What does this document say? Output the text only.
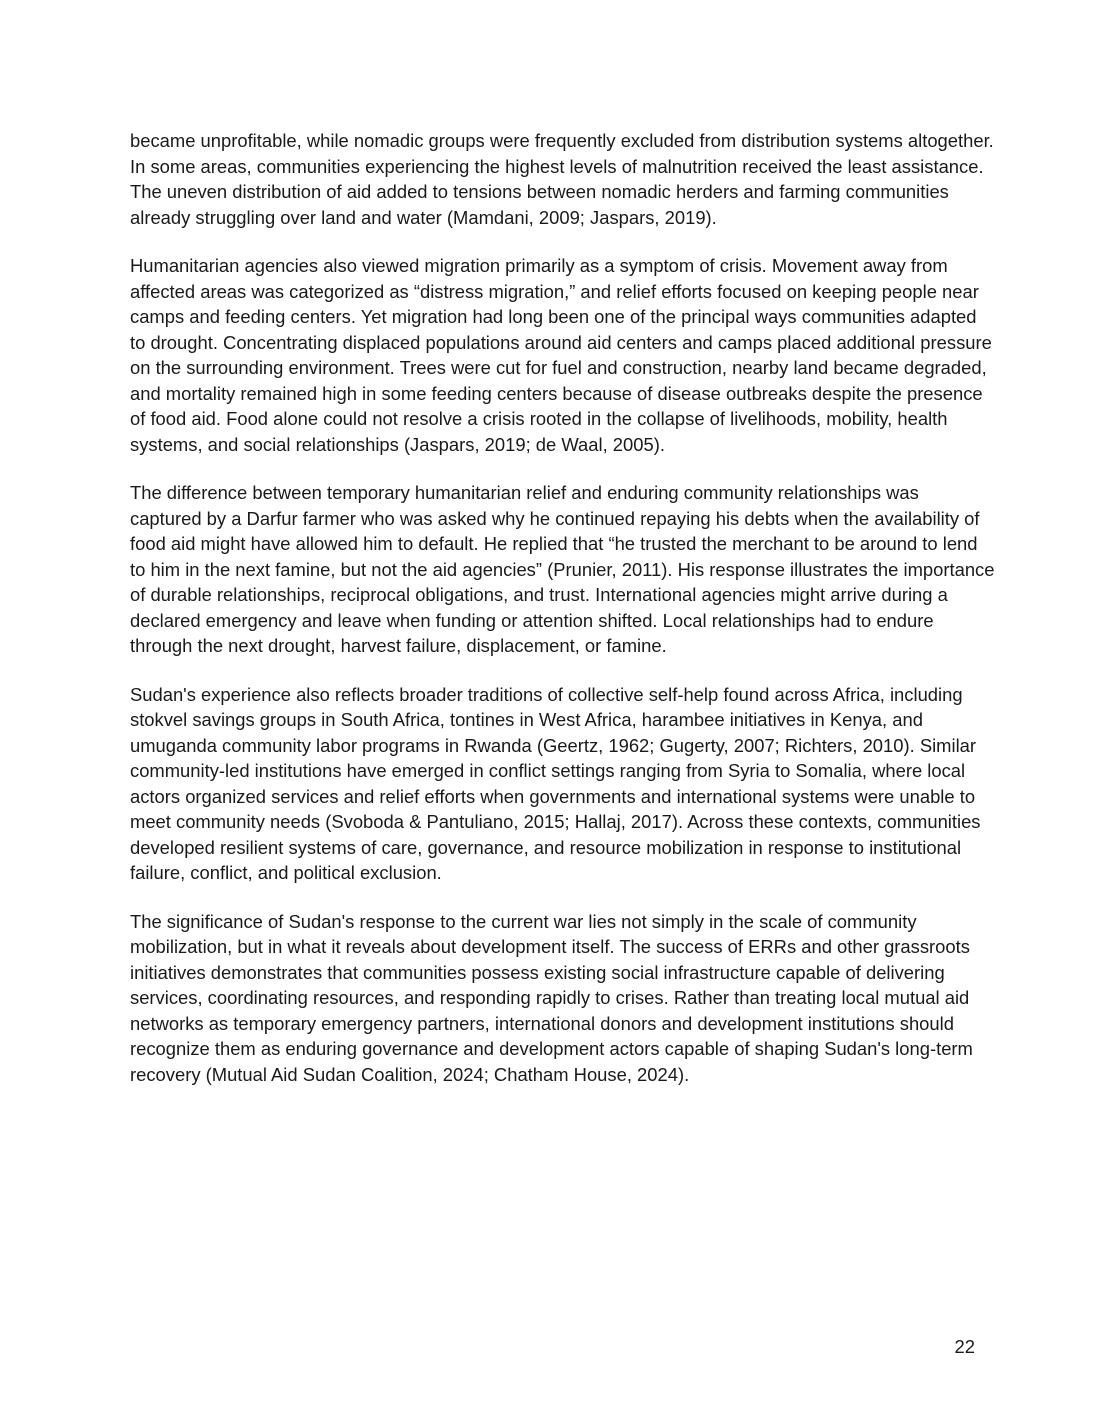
became unprofitable, while nomadic groups were frequently excluded from distribution systems altogether. In some areas, communities experiencing the highest levels of malnutrition received the least assistance. The uneven distribution of aid added to tensions between nomadic herders and farming communities already struggling over land and water (Mamdani, 2009; Jaspars, 2019).

Humanitarian agencies also viewed migration primarily as a symptom of crisis. Movement away from affected areas was categorized as “distress migration,” and relief efforts focused on keeping people near camps and feeding centers. Yet migration had long been one of the principal ways communities adapted to drought. Concentrating displaced populations around aid centers and camps placed additional pressure on the surrounding environment. Trees were cut for fuel and construction, nearby land became degraded, and mortality remained high in some feeding centers because of disease outbreaks despite the presence of food aid. Food alone could not resolve a crisis rooted in the collapse of livelihoods, mobility, health systems, and social relationships (Jaspars, 2019; de Waal, 2005).

The difference between temporary humanitarian relief and enduring community relationships was captured by a Darfur farmer who was asked why he continued repaying his debts when the availability of food aid might have allowed him to default. He replied that “he trusted the merchant to be around to lend to him in the next famine, but not the aid agencies” (Prunier, 2011). His response illustrates the importance of durable relationships, reciprocal obligations, and trust. International agencies might arrive during a declared emergency and leave when funding or attention shifted. Local relationships had to endure through the next drought, harvest failure, displacement, or famine.

Sudan's experience also reflects broader traditions of collective self-help found across Africa, including stokvel savings groups in South Africa, tontines in West Africa, harambee initiatives in Kenya, and umuganda community labor programs in Rwanda (Geertz, 1962; Gugerty, 2007; Richters, 2010). Similar community-led institutions have emerged in conflict settings ranging from Syria to Somalia, where local actors organized services and relief efforts when governments and international systems were unable to meet community needs (Svoboda & Pantuliano, 2015; Hallaj, 2017). Across these contexts, communities developed resilient systems of care, governance, and resource mobilization in response to institutional failure, conflict, and political exclusion.

The significance of Sudan's response to the current war lies not simply in the scale of community mobilization, but in what it reveals about development itself. The success of ERRs and other grassroots initiatives demonstrates that communities possess existing social infrastructure capable of delivering services, coordinating resources, and responding rapidly to crises. Rather than treating local mutual aid networks as temporary emergency partners, international donors and development institutions should recognize them as enduring governance and development actors capable of shaping Sudan's long-term recovery (Mutual Aid Sudan Coalition, 2024; Chatham House, 2024).

22
